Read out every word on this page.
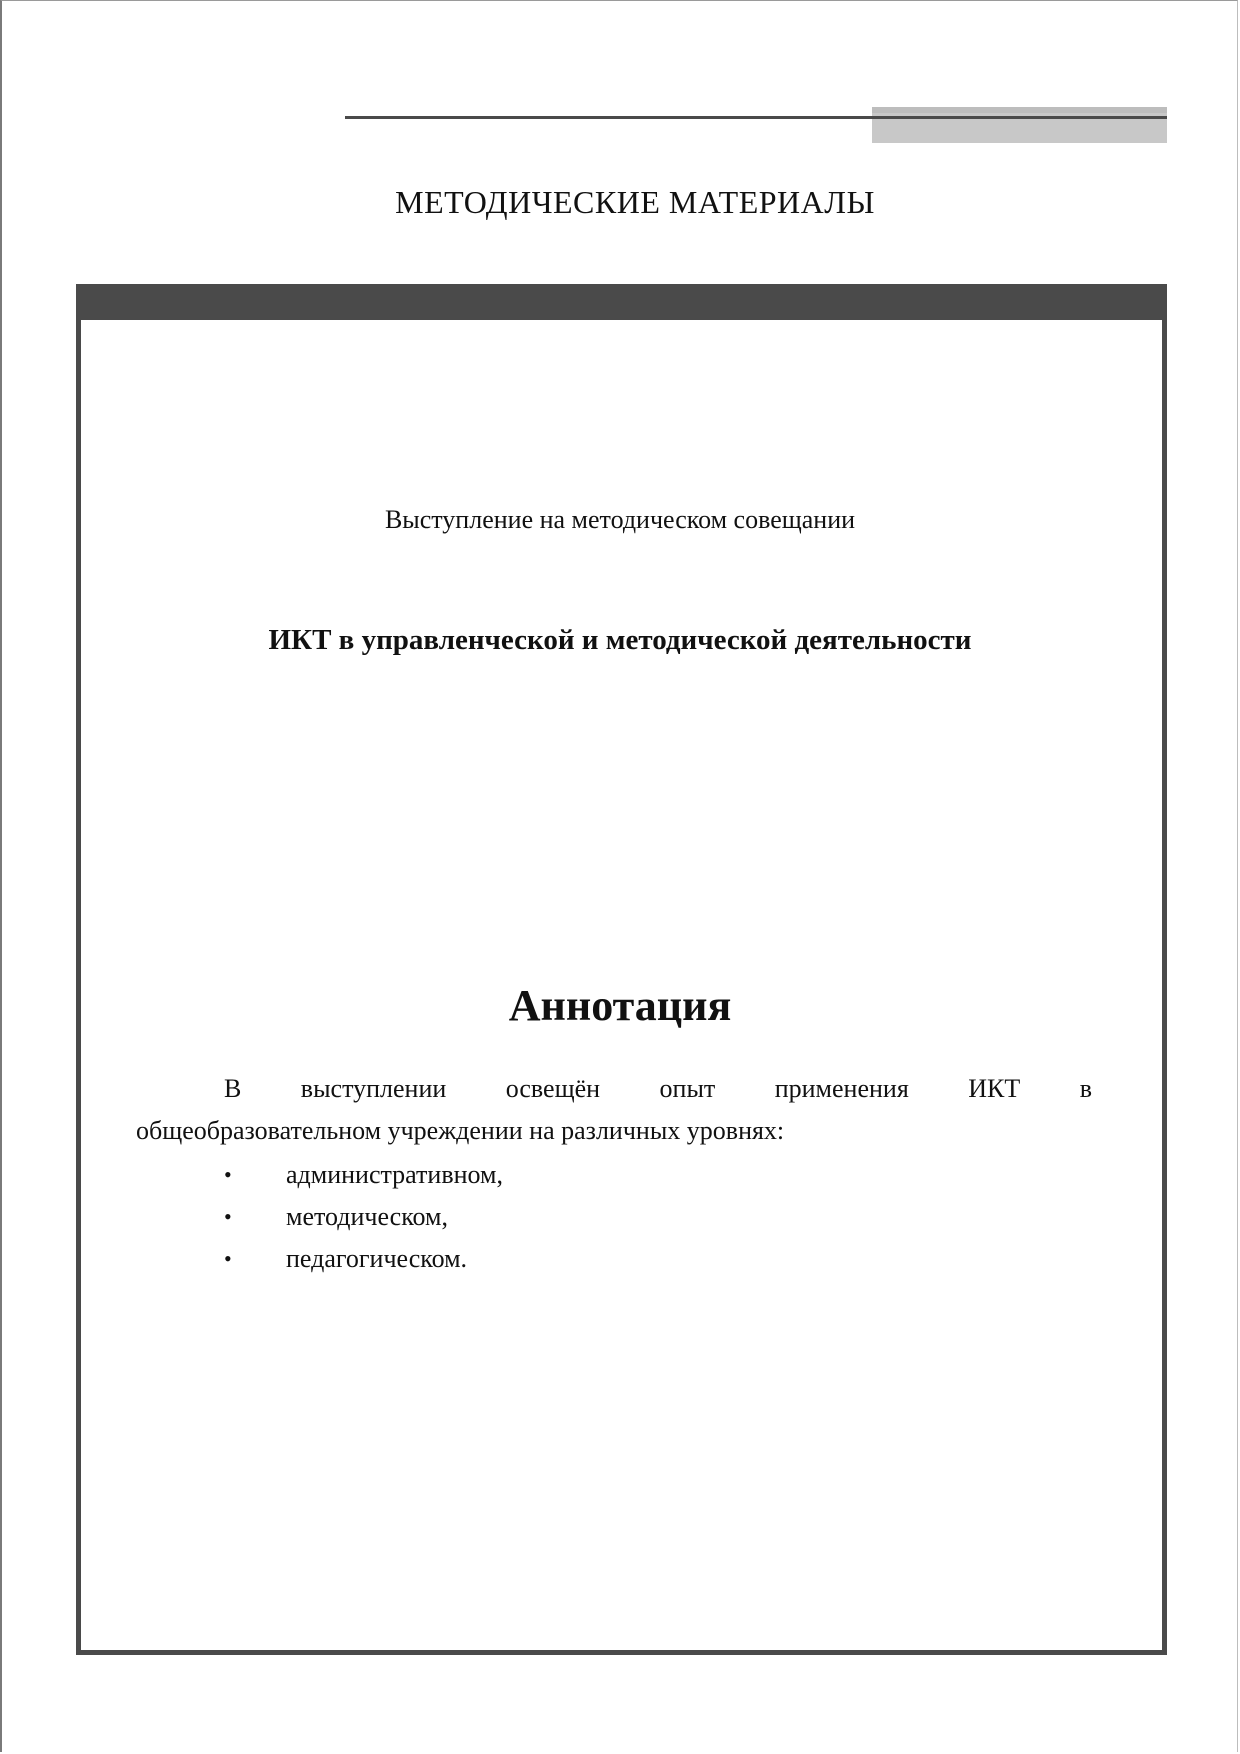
МЕТОДИЧЕСКИЕ МАТЕРИАЛЫ
Выступление на методическом совещании
ИКТ в управленческой и методической деятельности
Аннотация
В выступлении освещён опыт применения ИКТ в
общеобразовательном учреждении на различных уровнях:
• административном,
• методическом,
• педагогическом.
